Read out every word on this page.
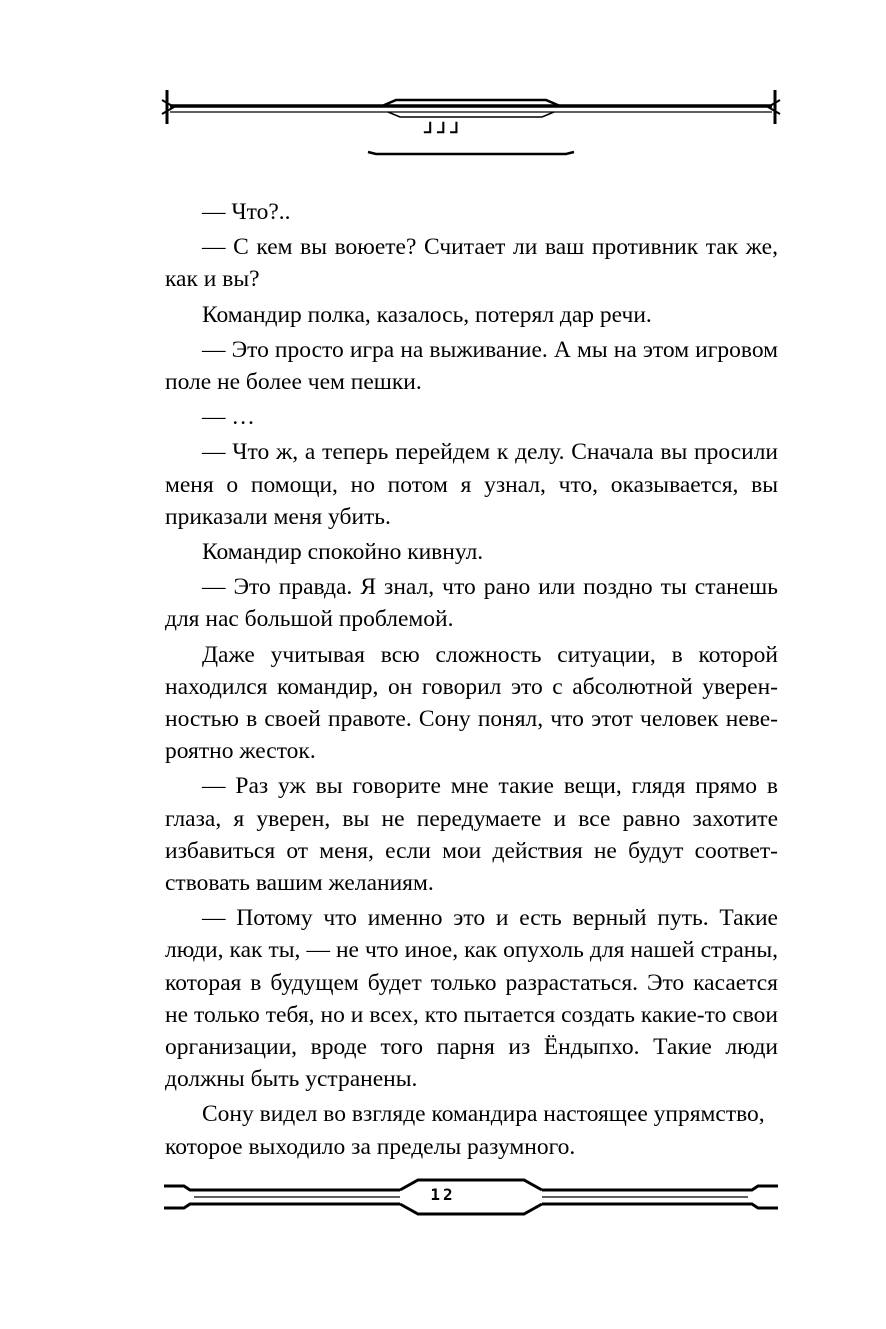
ᒧᒧᒧ

— Что?..

— С кем вы воюете? Считает ли ваш противник так же, как и вы?

Командир полка, казалось, потерял дар речи.

— Это просто игра на выживание. А мы на этом игровом поле не более чем пешки.

— …

— Что ж, а теперь перейдем к делу. Сначала вы просили меня о помощи, но потом я узнал, что, оказывается, вы приказали меня убить.

Командир спокойно кивнул.

— Это правда. Я знал, что рано или поздно ты станешь для нас большой проблемой.

Даже учитывая всю сложность ситуации, в которой находился командир, он говорил это с абсолютной уверенностью в своей правоте. Сону понял, что этот человек невероятно жесток.

— Раз уж вы говорите мне такие вещи, глядя прямо в глаза, я уверен, вы не передумаете и все равно захотите избавиться от меня, если мои действия не будут соответствовать вашим желаниям.

— Потому что именно это и есть верный путь. Такие люди, как ты, — не что иное, как опухоль для нашей страны, которая в будущем будет только разрастаться. Это касается не только тебя, но и всех, кто пытается создать какие-то свои организации, вроде того парня из Ёндыпхо. Такие люди должны быть устранены.

Сону видел во взгляде командира настоящее упрямство, которое выходило за пределы разумного.

12
